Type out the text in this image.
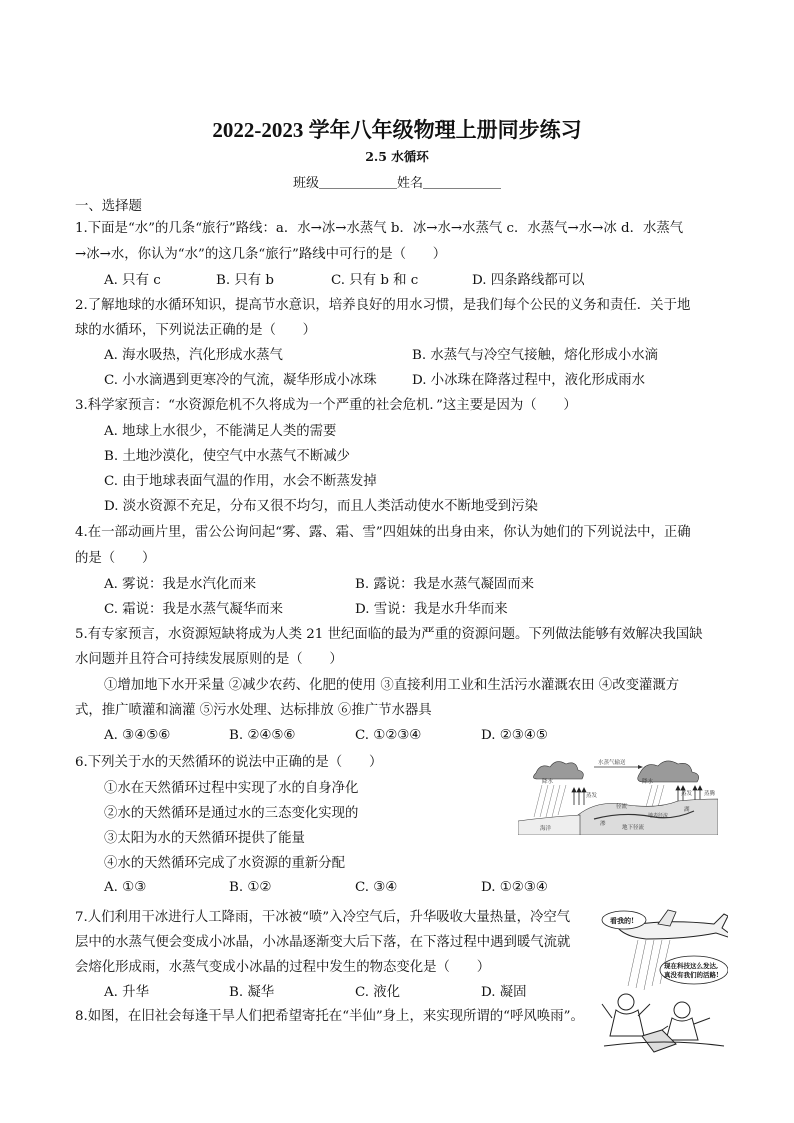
2022-2023 学年八年级物理上册同步练习
2.5 水循环
班级＿＿＿＿＿＿姓名＿＿＿＿＿＿
一、选择题
1.下面是“水”的几条“旅行”路线：a．水→冰→水蒸气 b．冰→水→水蒸气 c．水蒸气→水→冰 d．水蒸气
→冰→水，你认为“水”的这几条“旅行”路线中可行的是（　　）
A. 只有 c	B. 只有 b	C. 只有 b 和 c	D. 四条路线都可以
2.了解地球的水循环知识，提高节水意识，培养良好的用水习惯，是我们每个公民的义务和责任．关于地
球的水循环，下列说法正确的是（　　）
A. 海水吸热，汽化形成水蒸气	B. 水蒸气与冷空气接触，熔化形成小水滴
C. 小水滴遇到更寒冷的气流，凝华形成小冰珠	D. 小冰珠在降落过程中，液化形成雨水
3.科学家预言：“水资源危机不久将成为一个严重的社会危机．”这主要是因为（　　）
A. 地球上水很少，不能满足人类的需要
B. 土地沙漠化，使空气中水蒸气不断减少
C. 由于地球表面气温的作用，水会不断蒸发掉
D. 淡水资源不充足，分布又很不均匀，而且人类活动使水不断地受到污染
4.在一部动画片里，雷公公询问起“雾、露、霜、雪”四姐妹的出身由来，你认为她们的下列说法中，正确
的是（　　）
A. 雾说：我是水汽化而来	B. 露说：我是水蒸气凝固而来
C. 霜说：我是水蒸气凝华而来	D. 雪说：我是水升华而来
5.有专家预言，水资源短缺将成为人类 21 世纪面临的最为严重的资源问题。下列做法能够有效解决我国缺
水问题并且符合可持续发展原则的是（　　）
①增加地下水开采量 ②减少农药、化肥的使用 ③直接利用工业和生活污水灌溉农田 ④改变灌溉方
式，推广喷灌和滴灌 ⑤污水处理、达标排放 ⑥推广节水器具
A. ③④⑤⑥	B. ②④⑤⑥	C. ①②③④	D. ②③④⑤
6.下列关于水的天然循环的说法中正确的是（　　）
①水在天然循环过程中实现了水的自身净化
②水的天然循环是通过水的三态变化实现的
③太阳为水的天然循环提供了能量
④水的天然循环完成了水资源的重新分配
A. ①③	B. ①②	C. ③④	D. ①②③④
7.人们利用干冰进行人工降雨，干冰被“喷”入冷空气后，升华吸收大量热量，冷空气
层中的水蒸气便会变成小冰晶，小冰晶逐渐变大后下落，在下落过程中遇到暖气流就
会熔化形成雨，水蒸气变成小冰晶的过程中发生的物态变化是（　　）
A. 升华	B. 凝华	C. 液化	D. 凝固
8.如图，在旧社会每逢干旱人们把希望寄托在“半仙”身上，来实现所谓的“呼风唤雨”。
水蒸气输送
降水	降水
蒸发	蒸发 蒸腾
海洋
湖
径流
渗
地下径流
地表径流
看我的!
现在科技这么发达,
真没有我们的活路!
